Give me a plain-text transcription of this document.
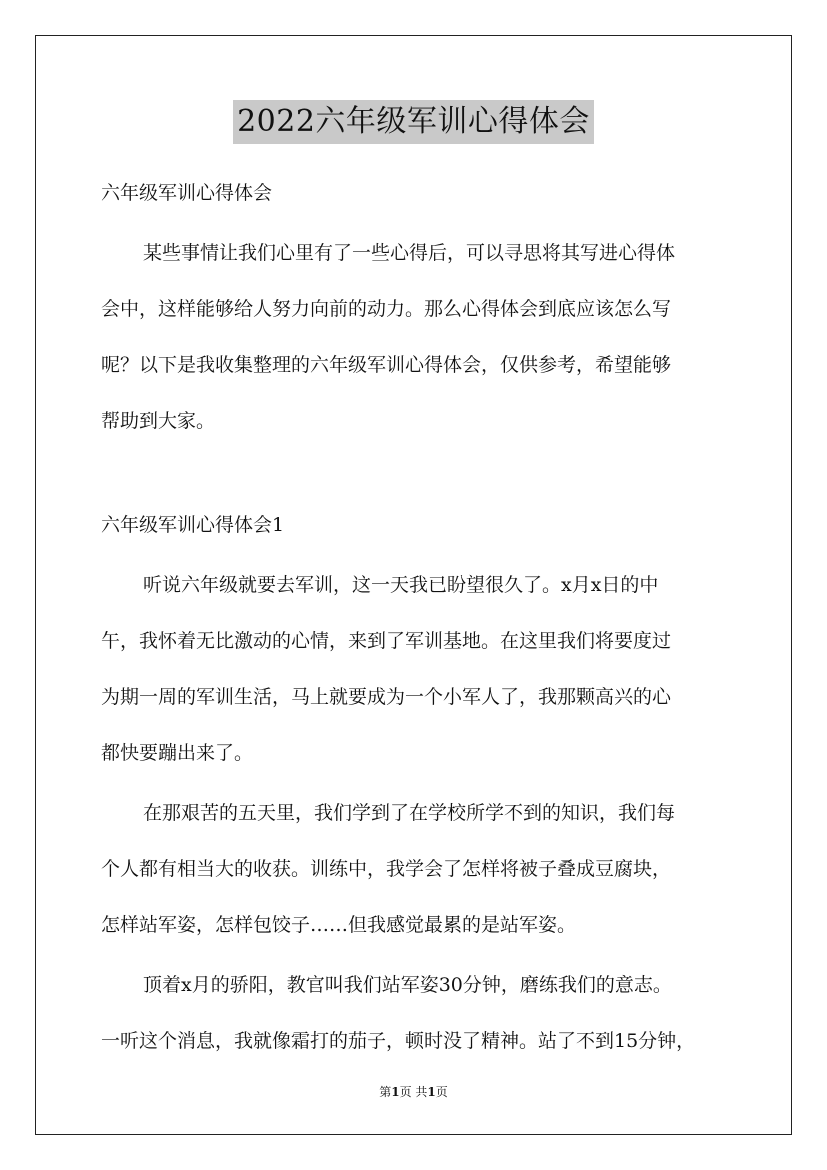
2022六年级军训心得体会
六年级军训心得体会
某些事情让我们心里有了一些心得后，可以寻思将其写进心得体
会中，这样能够给人努力向前的动力。那么心得体会到底应该怎么写
呢？以下是我收集整理的六年级军训心得体会，仅供参考，希望能够
帮助到大家。
六年级军训心得体会1
听说六年级就要去军训，这一天我已盼望很久了。x月x日的中
午，我怀着无比激动的心情，来到了军训基地。在这里我们将要度过
为期一周的军训生活，马上就要成为一个小军人了，我那颗高兴的心
都快要蹦出来了。
在那艰苦的五天里，我们学到了在学校所学不到的知识，我们每
个人都有相当大的收获。训练中，我学会了怎样将被子叠成豆腐块，
怎样站军姿，怎样包饺子……但我感觉最累的是站军姿。
顶着x月的骄阳，教官叫我们站军姿30分钟，磨练我们的意志。
一听这个消息，我就像霜打的茄子，顿时没了精神。站了不到15分钟，
第1页 共1页
